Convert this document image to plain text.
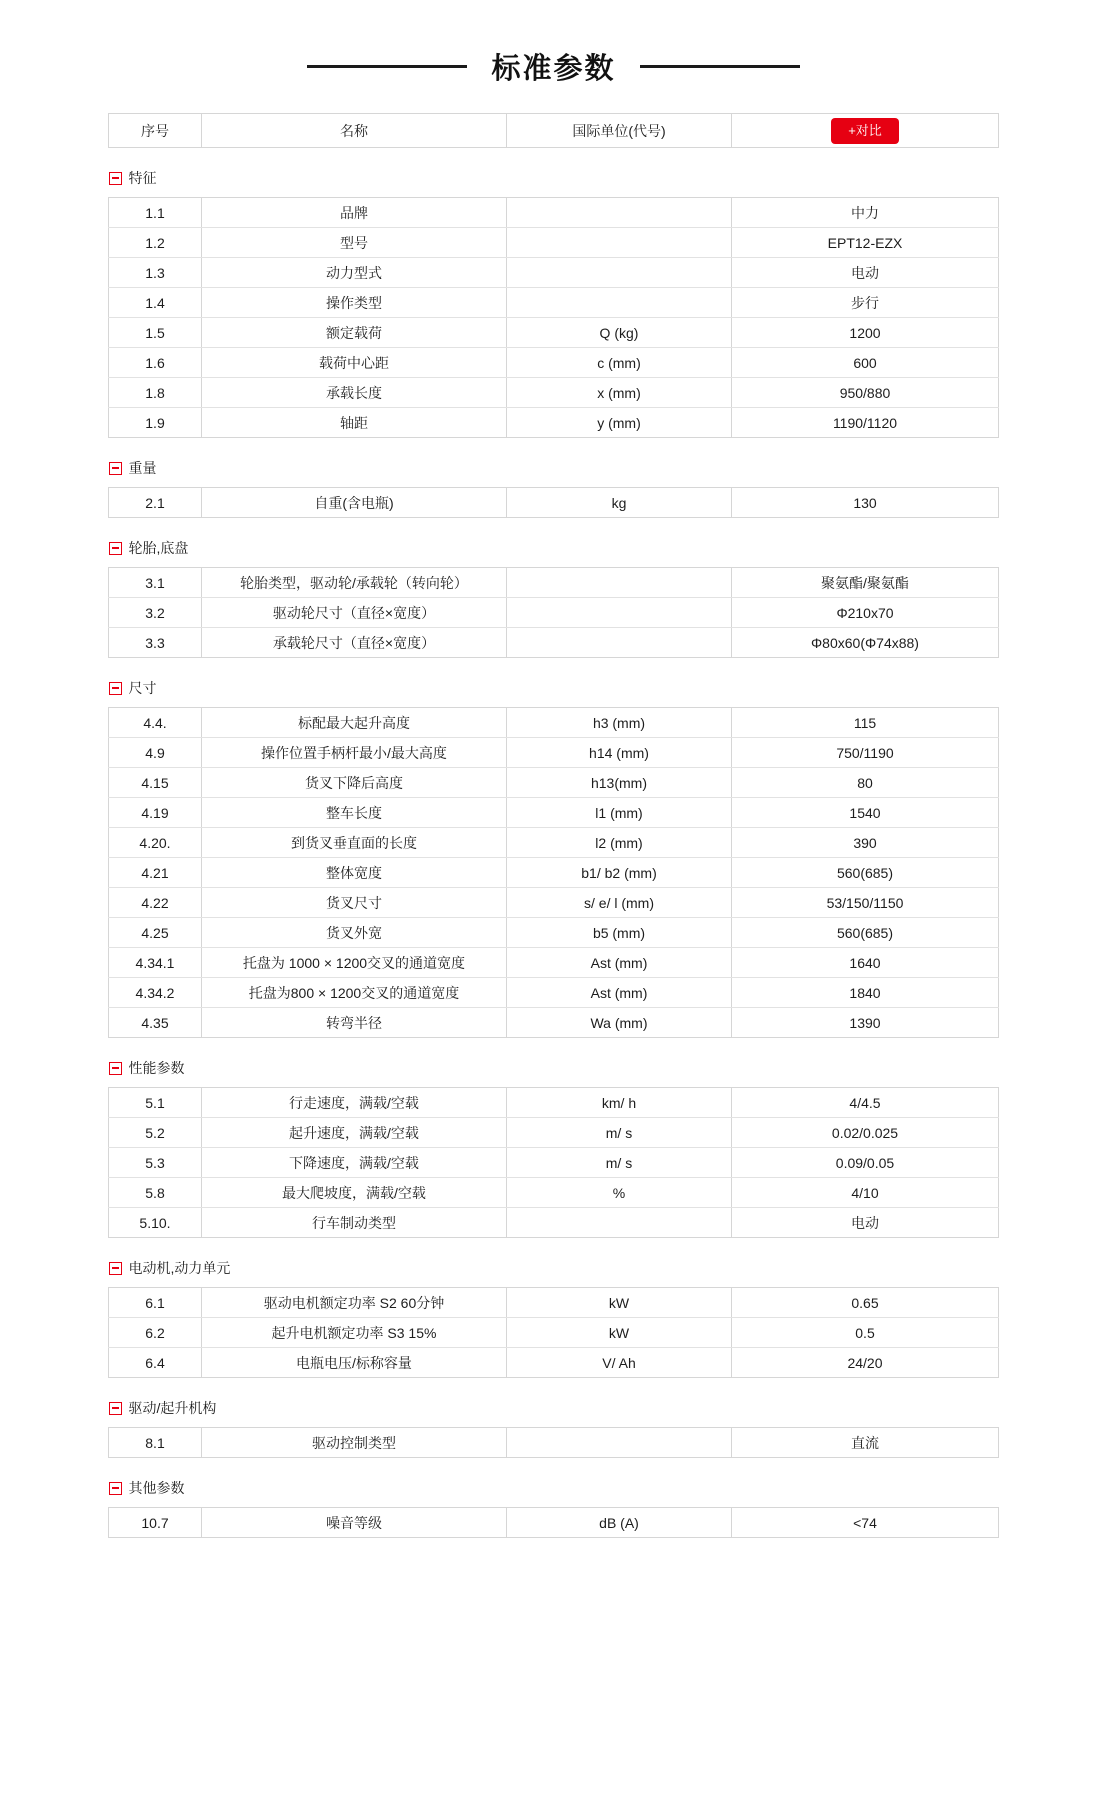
标准参数
序号	名称	国际单位(代号)	+对比
特征
1.1	品牌		中力
1.2	型号		EPT12-EZX
1.3	动力型式		电动
1.4	操作类型		步行
1.5	额定载荷	Q (kg)	1200
1.6	载荷中心距	c (mm)	600
1.8	承载长度	x (mm)	950/880
1.9	轴距	y (mm)	1190/1120
重量
2.1	自重(含电瓶)	kg	130
轮胎,底盘
3.1	轮胎类型，驱动轮/承载轮（转向轮）		聚氨酯/聚氨酯
3.2	驱动轮尺寸（直径×宽度）		Φ210x70
3.3	承载轮尺寸（直径×宽度）		Φ80x60(Φ74x88)
尺寸
4.4.	标配最大起升高度	h3 (mm)	115
4.9	操作位置手柄杆最小/最大高度	h14 (mm)	750/1190
4.15	货叉下降后高度	h13(mm)	80
4.19	整车长度	l1 (mm)	1540
4.20.	到货叉垂直面的长度	l2 (mm)	390
4.21	整体宽度	b1/ b2 (mm)	560(685)
4.22	货叉尺寸	s/ e/ l (mm)	53/150/1150
4.25	货叉外宽	b5 (mm)	560(685)
4.34.1	托盘为 1000 × 1200交叉的通道宽度	Ast (mm)	1640
4.34.2	托盘为800 × 1200交叉的通道宽度	Ast (mm)	1840
4.35	转弯半径	Wa (mm)	1390
性能参数
5.1	行走速度，满载/空载	km/ h	4/4.5
5.2	起升速度，满载/空载	m/ s	0.02/0.025
5.3	下降速度，满载/空载	m/ s	0.09/0.05
5.8	最大爬坡度，满载/空载	%	4/10
5.10.	行车制动类型		电动
电动机,动力单元
6.1	驱动电机额定功率 S2 60分钟	kW	0.65
6.2	起升电机额定功率 S3 15%	kW	0.5
6.4	电瓶电压/标称容量	V/ Ah	24/20
驱动/起升机构
8.1	驱动控制类型		直流
其他参数
10.7	噪音等级	dB (A)	<74
